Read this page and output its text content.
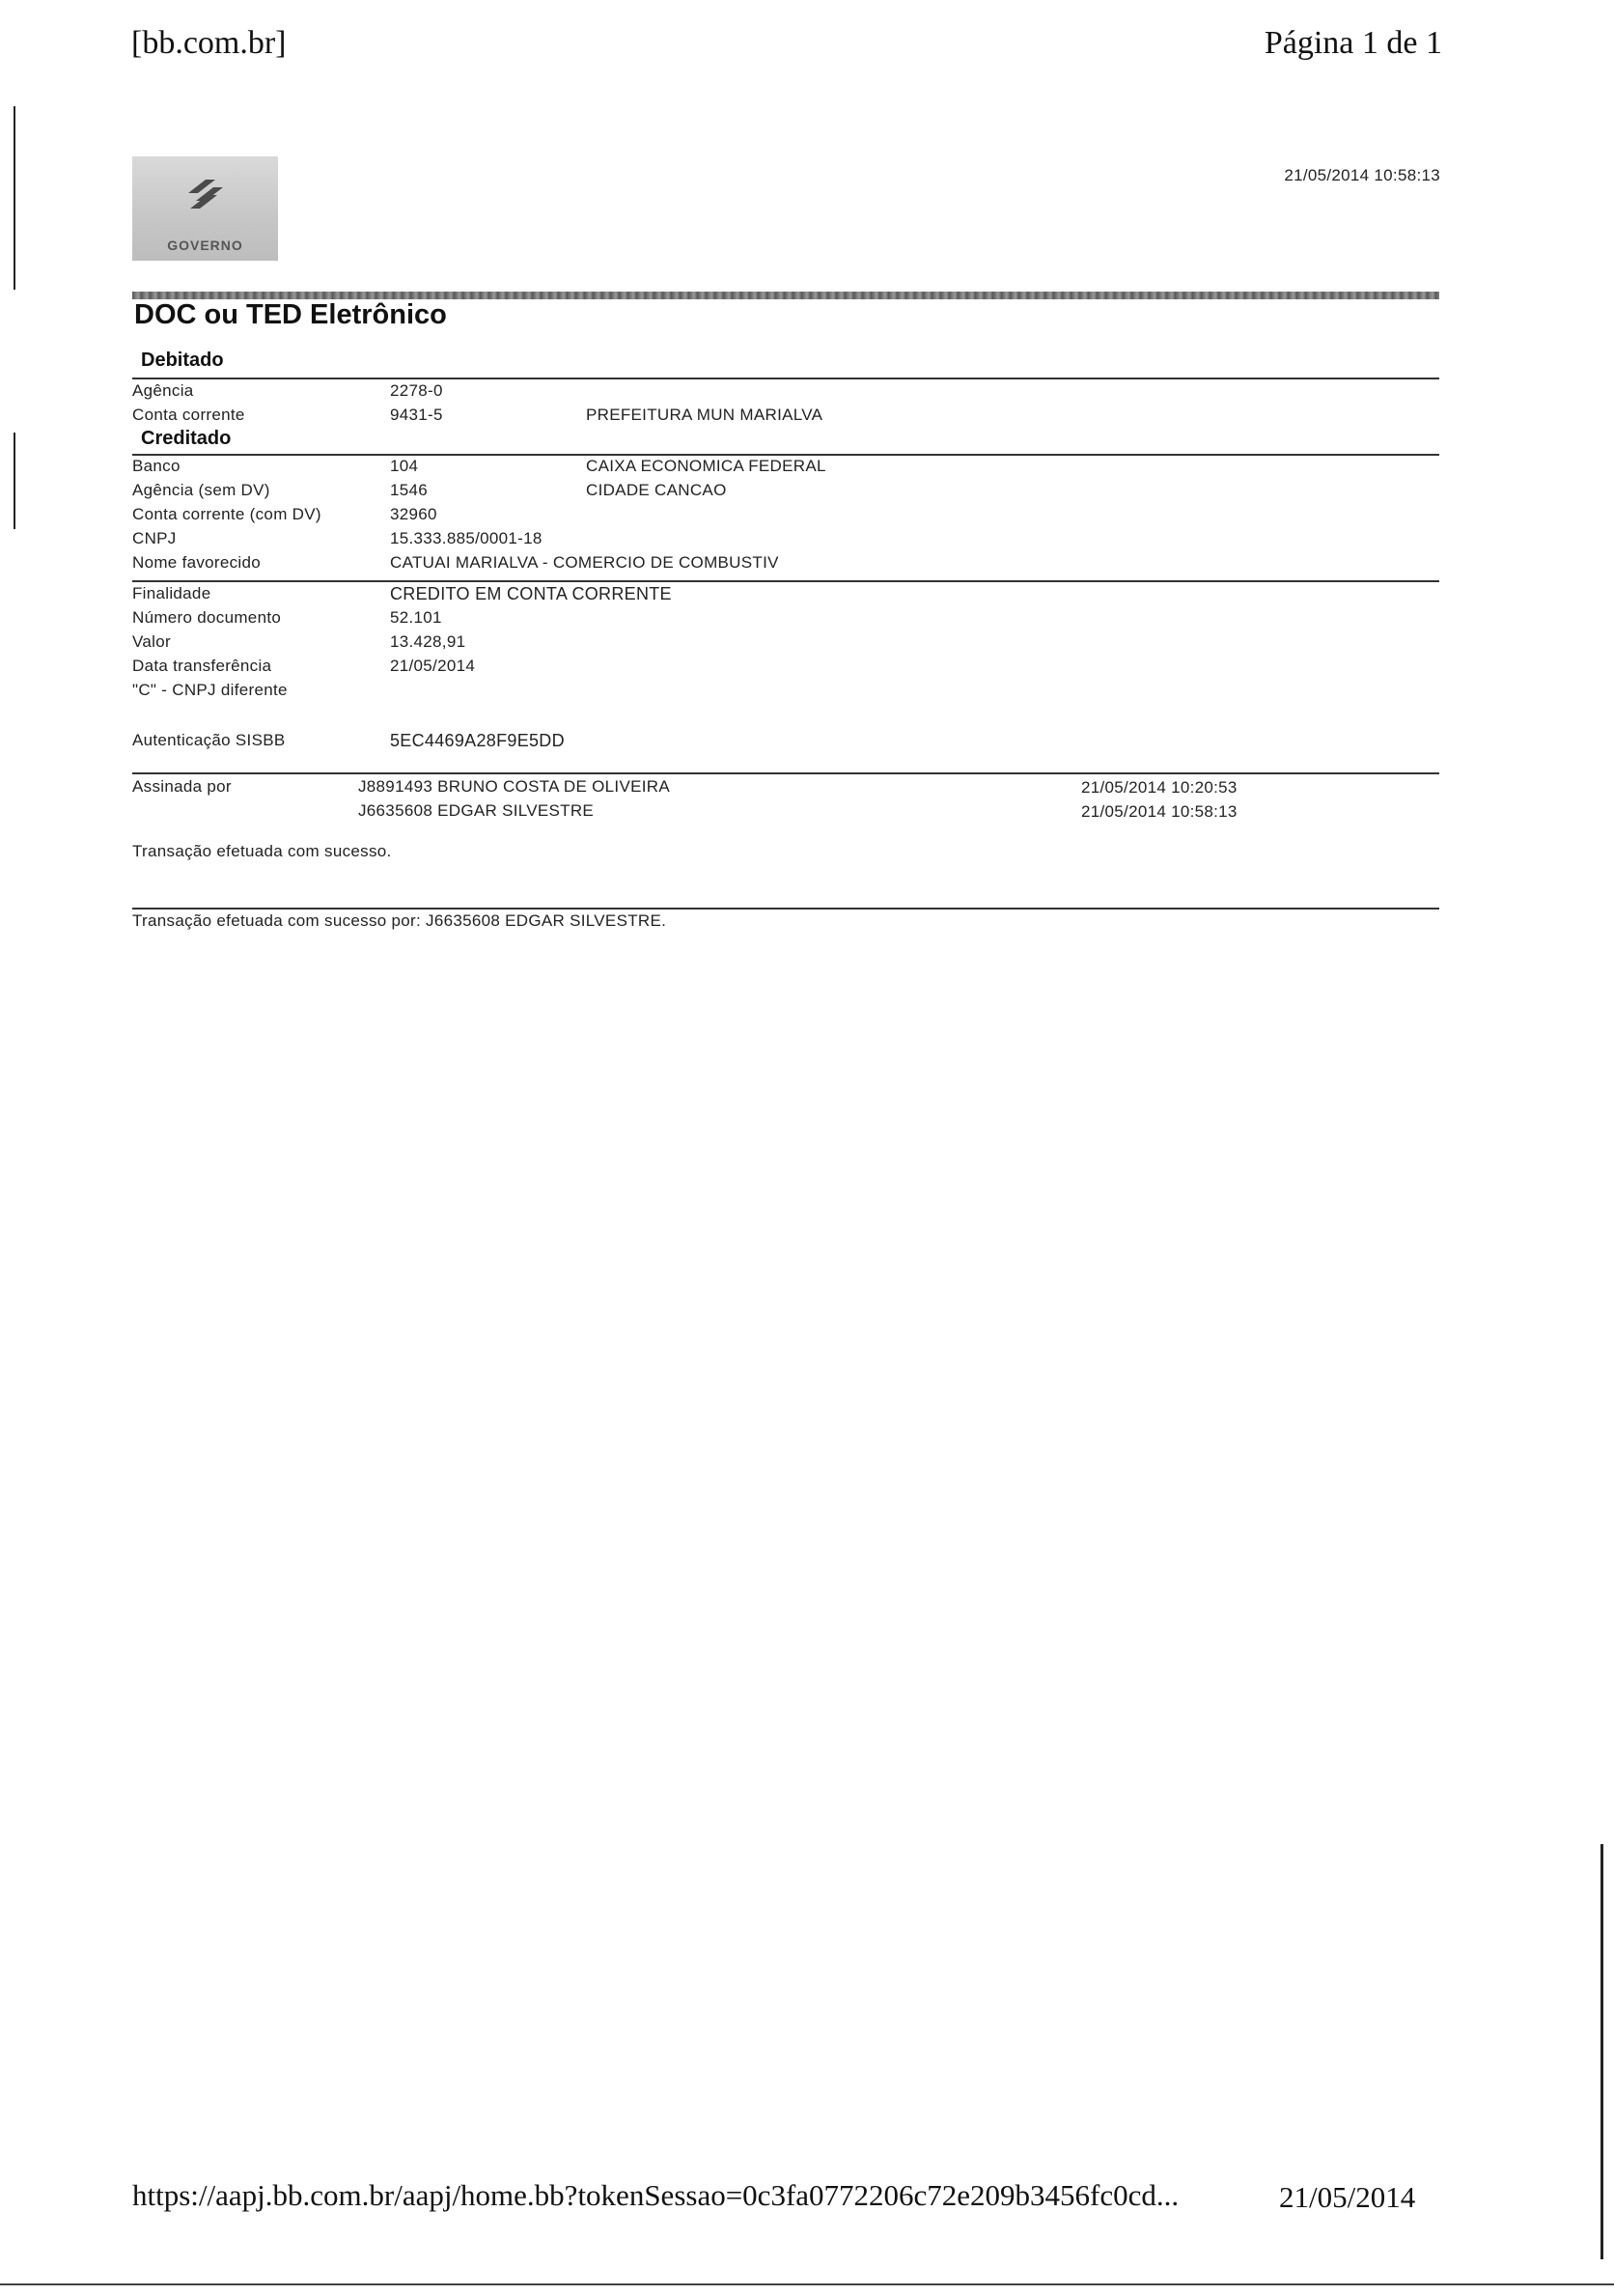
[bb.com.br]	Página 1 de 1
GOVERNO
21/05/2014 10:58:13
DOC ou TED Eletrônico
Debitado
Agência	2278-0
Conta corrente	9431-5	PREFEITURA MUN MARIALVA
Creditado
Banco	104	CAIXA ECONOMICA FEDERAL
Agência (sem DV)	1546	CIDADE CANCAO
Conta corrente (com DV)	32960
CNPJ	15.333.885/0001-18
Nome favorecido	CATUAI MARIALVA - COMERCIO DE COMBUSTIV
Finalidade	CREDITO EM CONTA CORRENTE
Número documento	52.101
Valor	13.428,91
Data transferência	21/05/2014
"C" - CNPJ diferente
Autenticação SISBB	5EC4469A28F9E5DD
Assinada por	J8891493 BRUNO COSTA DE OLIVEIRA	21/05/2014 10:20:53
J6635608 EDGAR SILVESTRE	21/05/2014 10:58:13
Transação efetuada com sucesso.
Transação efetuada com sucesso por: J6635608 EDGAR SILVESTRE.
https://aapj.bb.com.br/aapj/home.bb?tokenSessao=0c3fa0772206c72e209b3456fc0cd...	21/05/2014
